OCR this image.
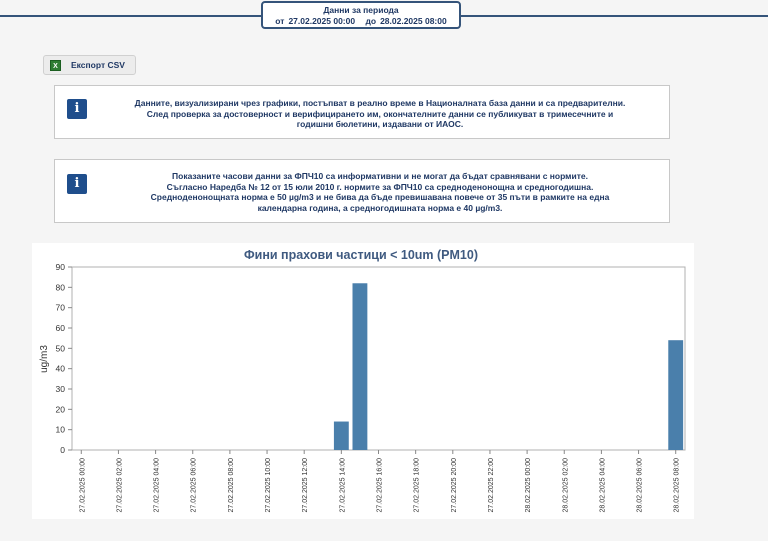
Данни за периода
от 27.02.2025 00:00 до 28.02.2025 08:00
X	Експорт CSV
i	Данните, визуализирани чрез графики, постъпват в реално време в Националната база данни и са предварителни.
След проверка за достоверност и верифицирането им, окончателните данни се публикуват в тримесечните и
годишни бюлетини, издавани от ИАОС.
i	Показаните часови данни за ФПЧ10 са информативни и не могат да бъдат сравнявани с нормите.
Съгласно Наредба № 12 от 15 юли 2010 г. нормите за ФПЧ10 са средноденонощна и средногодишна.
Средноденонощната норма е 50 µg/m3 и не бива да бъде превишавана повече от 35 пъти в рамките на една
календарна година, а средногодишната норма е 40 µg/m3.
Фини прахови частици < 10um (PM10)
ug/m3
0
10
20
30
40
50
60
70
80
90
27.02.2025 00:00	27.02.2025 02:00	27.02.2025 04:00	27.02.2025 06:00	27.02.2025 08:00	27.02.2025 10:00	27.02.2025 12:00	27.02.2025 14:00	27.02.2025 16:00	27.02.2025 18:00	27.02.2025 20:00	27.02.2025 22:00	28.02.2025 00:00	28.02.2025 02:00	28.02.2025 04:00	28.02.2025 06:00	28.02.2025 08:00
